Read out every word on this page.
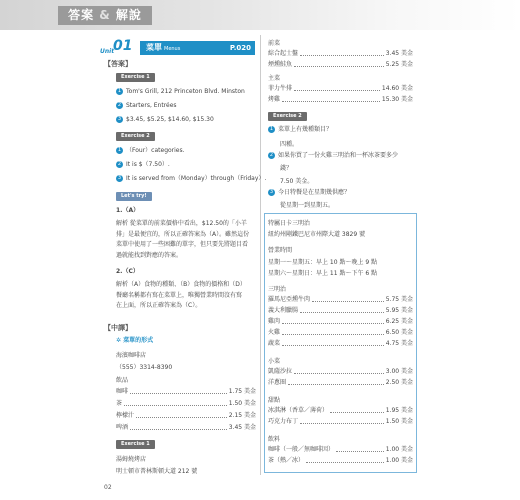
答案 & 解說
Unit
01 菜單 Menus	P.020
【答案】
Exercise 1
1 Tom's Grill, 212 Princeton Blvd. Minston
2 Starters, Entrées
3 $3.45, $5.25, $14.60, $15.30
Exercise 2
1 （Four）categories.
2 It is $（7.50）.
3 It is served from（Monday）through（Friday）.
Let's try!
1.（A）
解析 從菜單的前菜價格中看出，$12.50的「小羊
排」是最便宜的，所以正確答案為（A）。雖然這份
菜單中使用了一些困難的單字，但只要先將題目看
過就能找到對應的答案。
2.（C）
解析（A）食物的種類、（B）食物的價格和（D）
餐廳名稱都有寫在菜單上，唯獨營業時間沒有寫
在上面，所以正確答案為（C）。
【中譯】
✲ 菜單的形式
海濱咖啡店
（555）3314-8390
飲品
咖啡	1.75 美金
茶	1.50 美金
檸檬汁	2.15 美金
啤酒	3.45 美金
Exercise 1
湯姆燒烤店
明士頓市普林斯頓大道 212 號
02
前菜
綜合起士盤	3.45 美金
煙燻鮭魚	5.25 美金
主菜
菲力牛排	14.60 美金
烤雞	15.30 美金
Exercise 2
1 菜單上有幾種類目？
四種。
2 如果你買了一份火雞三明治和一杯冰茶要多少
錢？
7.50 美金。
3 今日特餐是在星期幾供應？
從星期一到星期五。
特屬日卡三明治
紐約州剛鐵巴尼市州際大道 3829 號
營業時間
星期一～星期五：早上 10 點～晚上 9 點
星期六～星期日：早上 11 點～下午 6 點
三明治
羅馬尼亞燻牛肉	5.75 美金
義大利臘腸	5.95 美金
雞肉	6.25 美金
火雞	6.50 美金
蔬菜	4.75 美金
小菜
凱薩沙拉	3.00 美金
洋蔥圈	2.50 美金
甜點
冰淇淋（香草／薄荷）	1.95 美金
巧克力布丁	1.50 美金
飲料
咖啡（一般／無咖啡因）	1.00 美金
茶（熱／冰）	1.00 美金
